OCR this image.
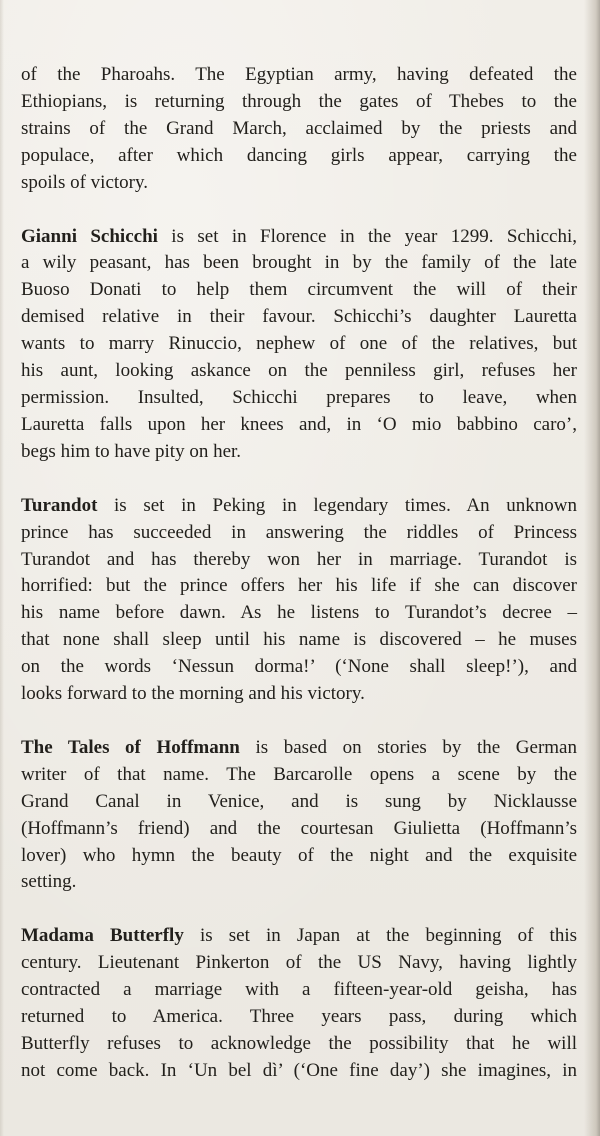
of the Pharoahs. The Egyptian army, having defeated the
Ethiopians, is returning through the gates of Thebes to the
strains of the Grand March, acclaimed by the priests and
populace, after which dancing girls appear, carrying the
spoils of victory.

Gianni Schicchi is set in Florence in the year 1299. Schicchi,
a wily peasant, has been brought in by the family of the late
Buoso Donati to help them circumvent the will of their
demised relative in their favour. Schicchi’s daughter Lauretta
wants to marry Rinuccio, nephew of one of the relatives, but
his aunt, looking askance on the penniless girl, refuses her
permission. Insulted, Schicchi prepares to leave, when
Lauretta falls upon her knees and, in ‘O mio babbino caro’,
begs him to have pity on her.

Turandot is set in Peking in legendary times. An unknown
prince has succeeded in answering the riddles of Princess
Turandot and has thereby won her in marriage. Turandot is
horrified: but the prince offers her his life if she can discover
his name before dawn. As he listens to Turandot’s decree –
that none shall sleep until his name is discovered – he muses
on the words ‘Nessun dorma!’ (‘None shall sleep!’), and
looks forward to the morning and his victory.

The Tales of Hoffmann is based on stories by the German
writer of that name. The Barcarolle opens a scene by the
Grand Canal in Venice, and is sung by Nicklausse
(Hoffmann’s friend) and the courtesan Giulietta (Hoffmann’s
lover) who hymn the beauty of the night and the exquisite
setting.

Madama Butterfly is set in Japan at the beginning of this
century. Lieutenant Pinkerton of the US Navy, having lightly
contracted a marriage with a fifteen-year-old geisha, has
returned to America. Three years pass, during which
Butterfly refuses to acknowledge the possibility that he will
not come back. In ‘Un bel dì’ (‘One fine day’) she imagines, in
